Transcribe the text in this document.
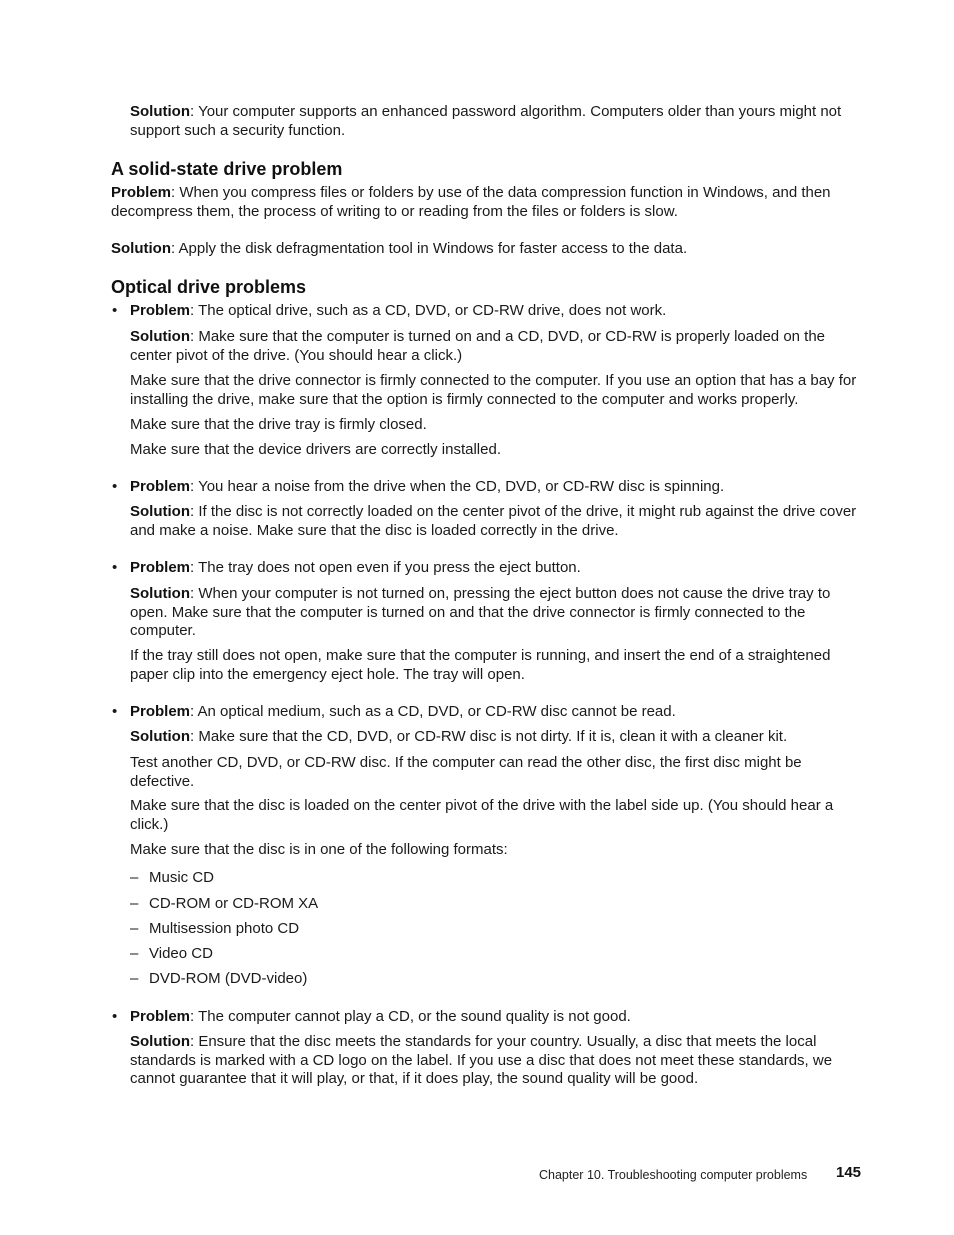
Solution: Your computer supports an enhanced password algorithm. Computers older than yours might not support such a security function.

A solid-state drive problem

Problem: When you compress files or folders by use of the data compression function in Windows, and then decompress them, the process of writing to or reading from the files or folders is slow.

Solution: Apply the disk defragmentation tool in Windows for faster access to the data.

Optical drive problems
• Problem: The optical drive, such as a CD, DVD, or CD-RW drive, does not work.

Solution: Make sure that the computer is turned on and a CD, DVD, or CD-RW is properly loaded on the center pivot of the drive. (You should hear a click.)

Make sure that the drive connector is firmly connected to the computer. If you use an option that has a bay for installing the drive, make sure that the option is firmly connected to the computer and works properly.

Make sure that the drive tray is firmly closed.

Make sure that the device drivers are correctly installed.

• Problem: You hear a noise from the drive when the CD, DVD, or CD-RW disc is spinning.

Solution: If the disc is not correctly loaded on the center pivot of the drive, it might rub against the drive cover and make a noise. Make sure that the disc is loaded correctly in the drive.

• Problem: The tray does not open even if you press the eject button.

Solution: When your computer is not turned on, pressing the eject button does not cause the drive tray to open. Make sure that the computer is turned on and that the drive connector is firmly connected to the computer.

If the tray still does not open, make sure that the computer is running, and insert the end of a straightened paper clip into the emergency eject hole. The tray will open.

• Problem: An optical medium, such as a CD, DVD, or CD-RW disc cannot be read.

Solution: Make sure that the CD, DVD, or CD-RW disc is not dirty. If it is, clean it with a cleaner kit.

Test another CD, DVD, or CD-RW disc. If the computer can read the other disc, the first disc might be defective.

Make sure that the disc is loaded on the center pivot of the drive with the label side up. (You should hear a click.)

Make sure that the disc is in one of the following formats:

– Music CD

– CD-ROM or CD-ROM XA

– Multisession photo CD

– Video CD

– DVD-ROM (DVD-video)

• Problem: The computer cannot play a CD, or the sound quality is not good.

Solution: Ensure that the disc meets the standards for your country. Usually, a disc that meets the local standards is marked with a CD logo on the label. If you use a disc that does not meet these standards, we cannot guarantee that it will play, or that, if it does play, the sound quality will be good.

Chapter 10. Troubleshooting computer problems 145
